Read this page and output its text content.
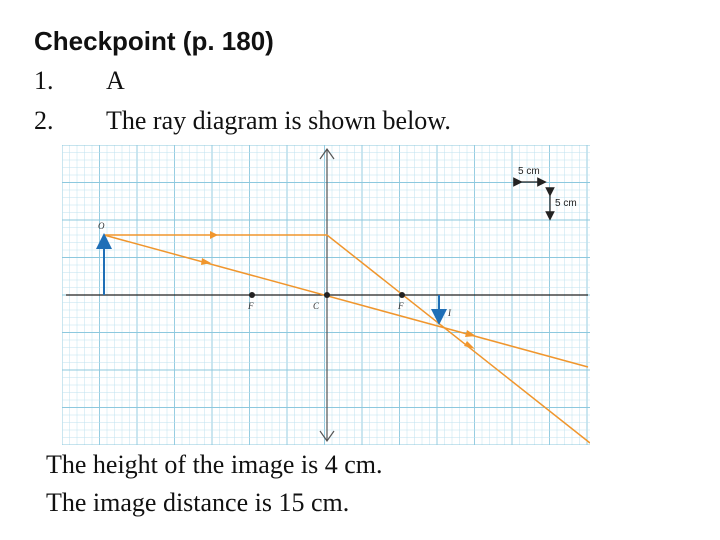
Checkpoint (p. 180)
1. A
2. The ray diagram is shown below.
O
F	C	F
I
5 cm
5 cm
The height of the image is 4 cm.
The image distance is 15 cm.
